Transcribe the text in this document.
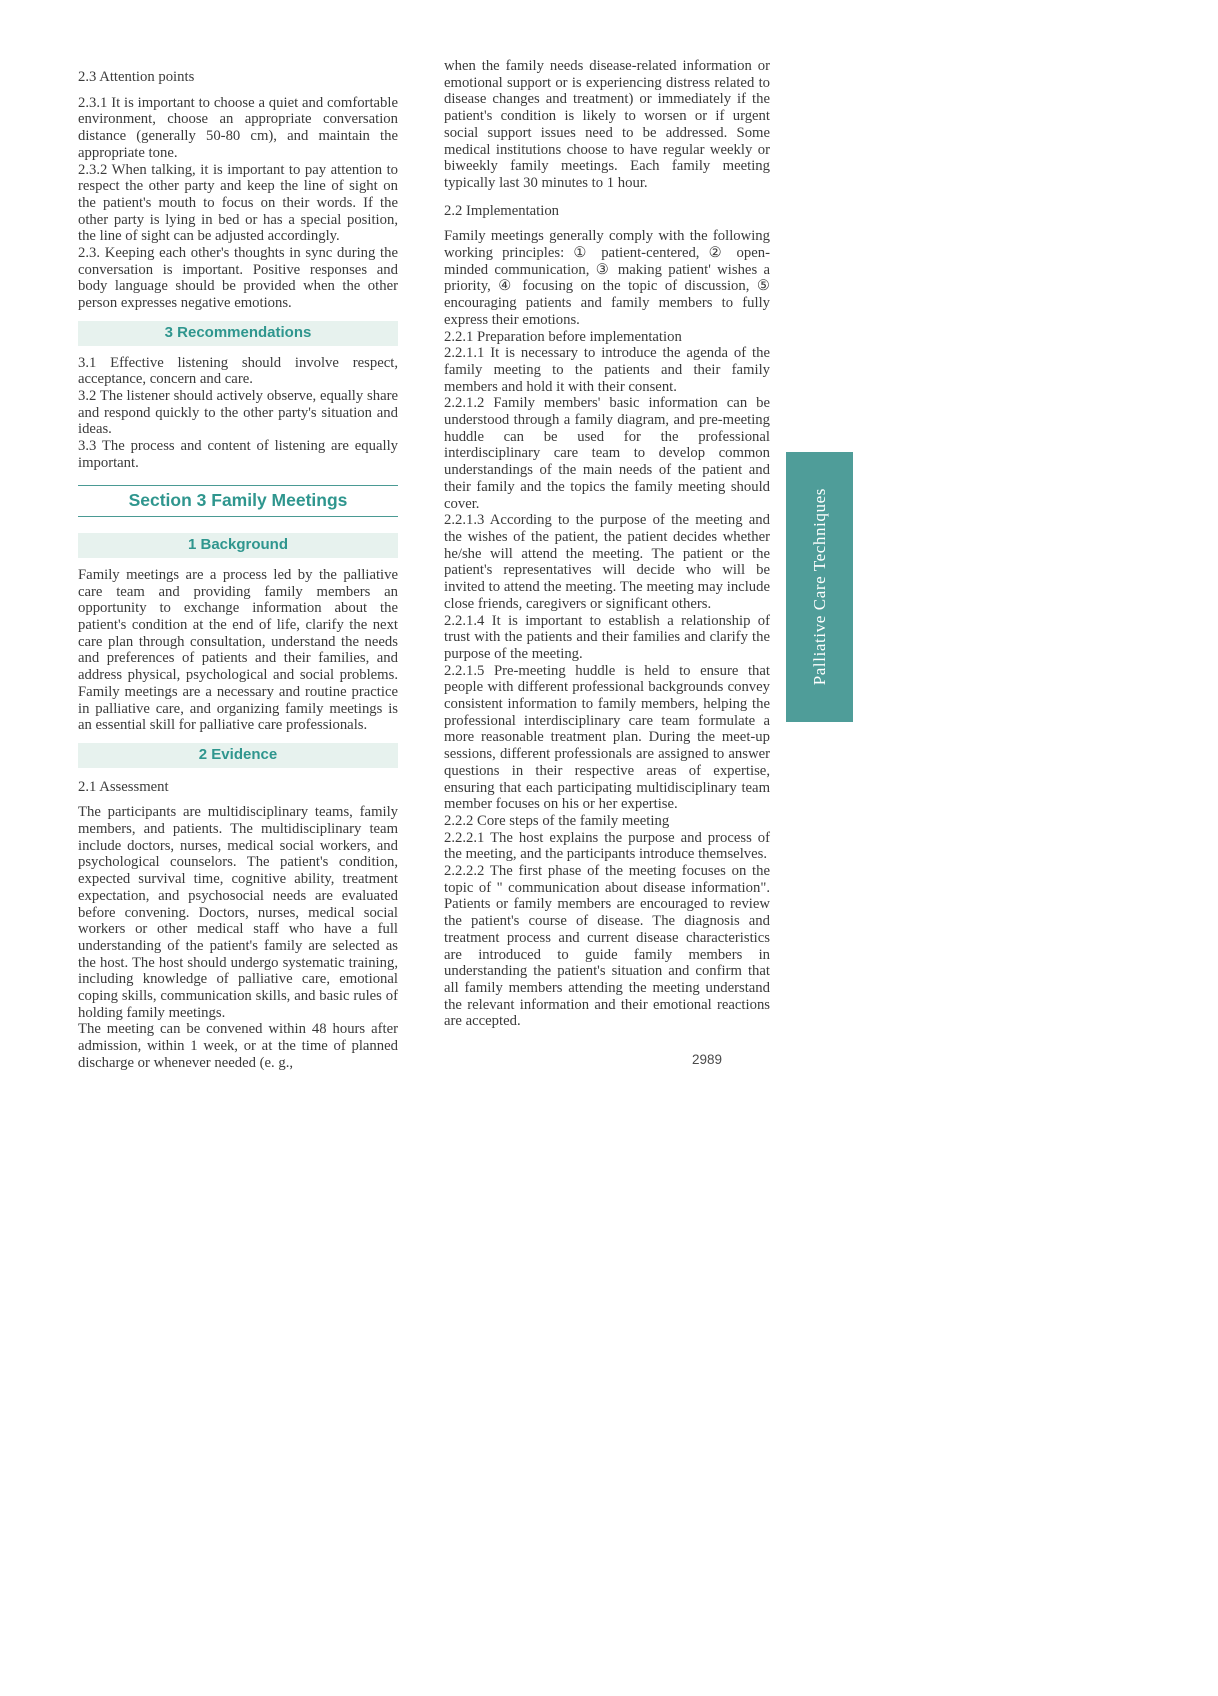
2.3 Attention points

2.3.1 It is important to choose a quiet and comfortable environment, choose an appropriate conversation distance (generally 50-80 cm), and maintain the appropriate tone.

2.3.2 When talking, it is important to pay attention to respect the other party and keep the line of sight on the patient's mouth to focus on their words. If the other party is lying in bed or has a special position, the line of sight can be adjusted accordingly.

2.3. Keeping each other's thoughts in sync during the conversation is important. Positive responses and body language should be provided when the other person expresses negative emotions.

3 Recommendations

3.1 Effective listening should involve respect, acceptance, concern and care.

3.2 The listener should actively observe, equally share and respond quickly to the other party's situation and ideas.

3.3 The process and content of listening are equally important.

Section 3 Family Meetings
1 Background

Family meetings are a process led by the palliative care team and providing family members an opportunity to exchange information about the patient's condition at the end of life, clarify the next care plan through consultation, understand the needs and preferences of patients and their families, and address physical, psychological and social problems. Family meetings are a necessary and routine practice in palliative care, and organizing family meetings is an essential skill for palliative care professionals.

2 Evidence

2.1 Assessment

The participants are multidisciplinary teams, family members, and patients. The multidisciplinary team include doctors, nurses, medical social workers, and psychological counselors. The patient's condition, expected survival time, cognitive ability, treatment expectation, and psychosocial needs are evaluated before convening. Doctors, nurses, medical social workers or other medical staff who have a full understanding of the patient's family are selected as the host. The host should undergo systematic training, including knowledge of palliative care, emotional coping skills, communication skills, and basic rules of holding family meetings.

The meeting can be convened within 48 hours after admission, within 1 week, or at the time of planned discharge or whenever needed (e. g.,

when the family needs disease-related information or emotional support or is experiencing distress related to disease changes and treatment) or immediately if the patient's condition is likely to worsen or if urgent social support issues need to be addressed. Some medical institutions choose to have regular weekly or biweekly family meetings. Each family meeting typically last 30 minutes to 1 hour.

2.2 Implementation

Family meetings generally comply with the following working principles: ① patient-centered, ② open-minded communication, ③ making patient' wishes a priority, ④ focusing on the topic of discussion, ⑤ encouraging patients and family members to fully express their emotions.

2.2.1 Preparation before implementation

2.2.1.1 It is necessary to introduce the agenda of the family meeting to the patients and their family members and hold it with their consent.

2.2.1.2 Family members' basic information can be understood through a family diagram, and pre-meeting huddle can be used for the professional interdisciplinary care team to develop common understandings of the main needs of the patient and their family and the topics the family meeting should cover.

2.2.1.3 According to the purpose of the meeting and the wishes of the patient, the patient decides whether he/she will attend the meeting. The patient or the patient's representatives will decide who will be invited to attend the meeting. The meeting may include close friends, caregivers or significant others.

2.2.1.4 It is important to establish a relationship of trust with the patients and their families and clarify the purpose of the meeting.

2.2.1.5 Pre-meeting huddle is held to ensure that people with different professional backgrounds convey consistent information to family members, helping the professional interdisciplinary care team formulate a more reasonable treatment plan. During the meet-up sessions, different professionals are assigned to answer questions in their respective areas of expertise, ensuring that each participating multidisciplinary team member focuses on his or her expertise.

2.2.2 Core steps of the family meeting

2.2.2.1 The host explains the purpose and process of the meeting, and the participants introduce themselves.

2.2.2.2 The first phase of the meeting focuses on the topic of " communication about disease information". Patients or family members are encouraged to review the patient's course of disease. The diagnosis and treatment process and current disease characteristics are introduced to guide family members in understanding the patient's situation and confirm that all family members attending the meeting understand the relevant information and their emotional reactions are accepted.

2989
Palliative Care Techniques
